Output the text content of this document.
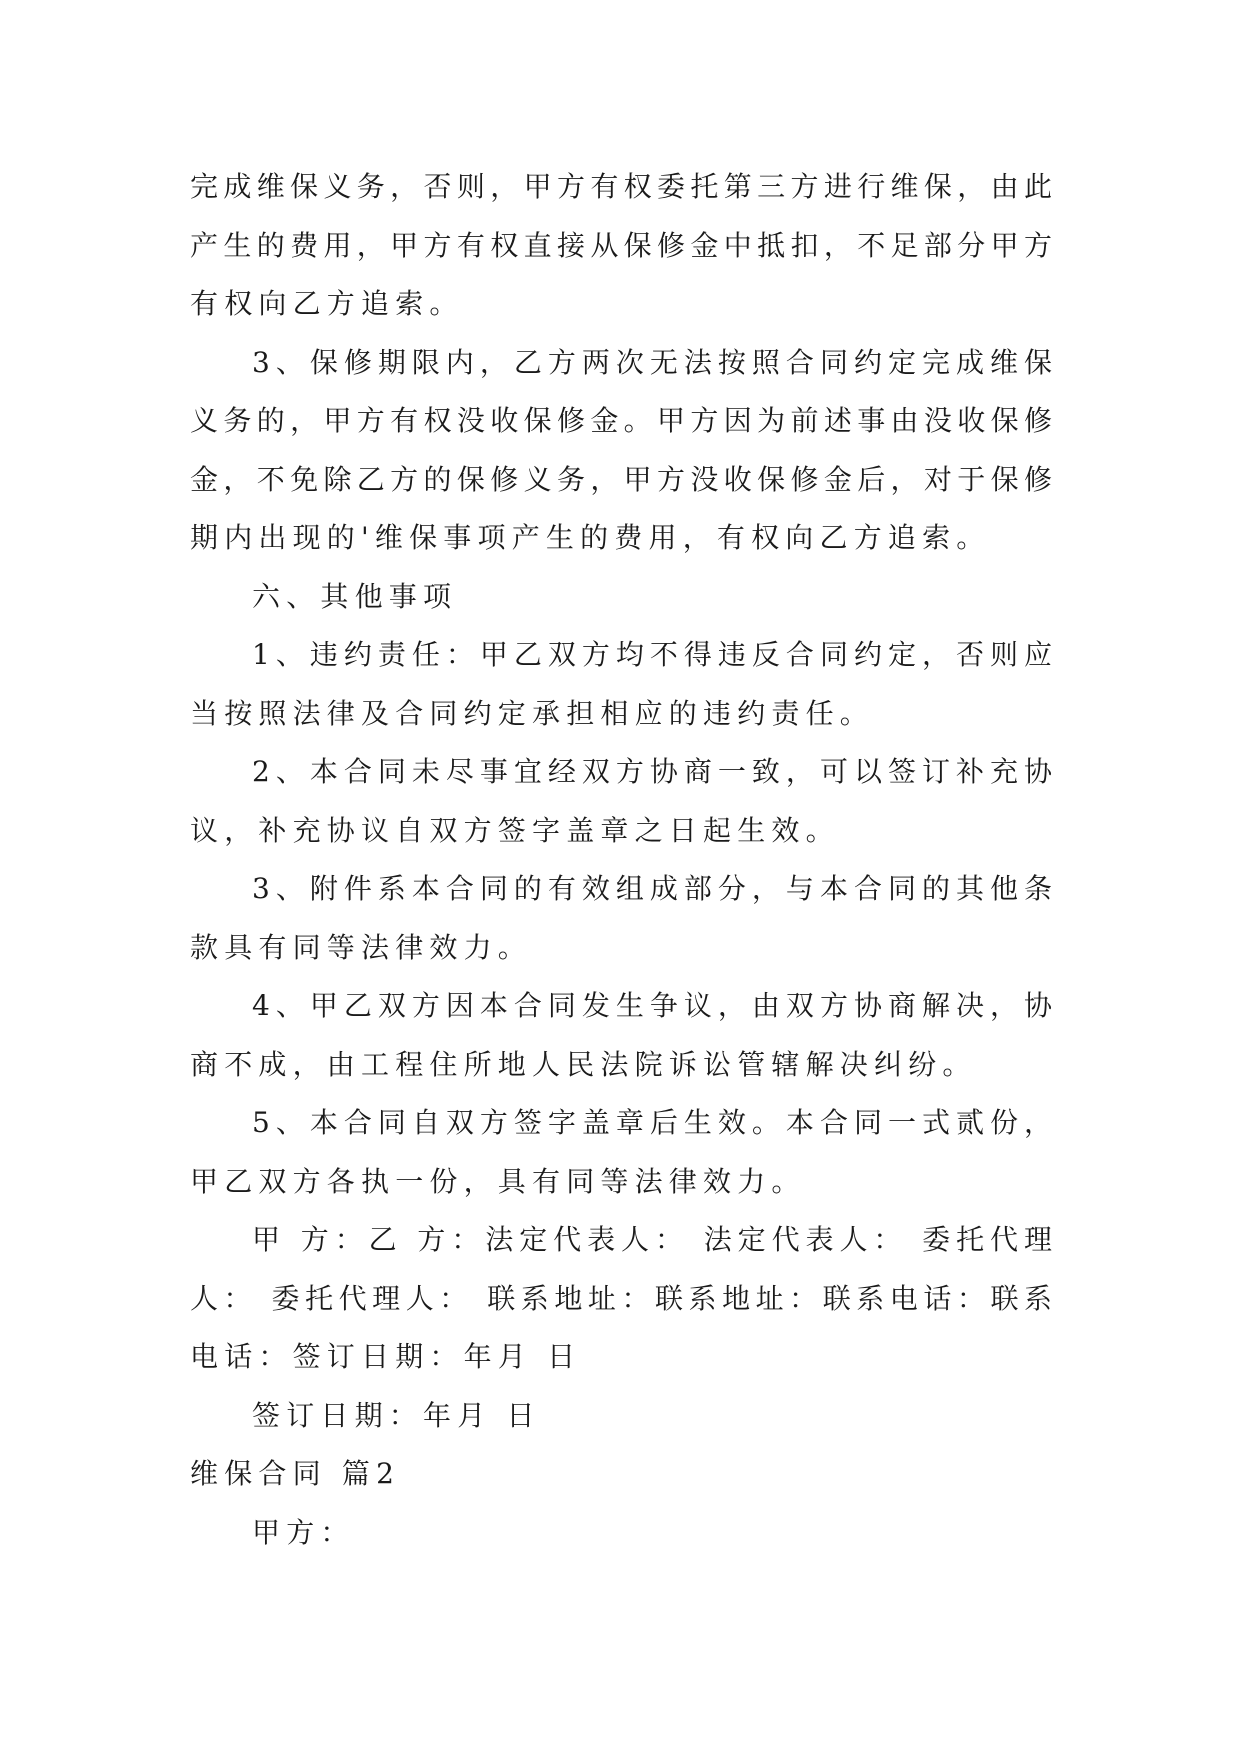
完成维保义务，否则，甲方有权委托第三方进行维保，由此
产生的费用，甲方有权直接从保修金中抵扣，不足部分甲方
有权向乙方追索。
3、保修期限内，乙方两次无法按照合同约定完成维保
义务的，甲方有权没收保修金。甲方因为前述事由没收保修
金，不免除乙方的保修义务，甲方没收保修金后，对于保修
期内出现的'维保事项产生的费用，有权向乙方追索。
六、其他事项
1、违约责任：甲乙双方均不得违反合同约定，否则应
当按照法律及合同约定承担相应的违约责任。
2、本合同未尽事宜经双方协商一致，可以签订补充协
议，补充协议自双方签字盖章之日起生效。
3、附件系本合同的有效组成部分，与本合同的其他条
款具有同等法律效力。
4、甲乙双方因本合同发生争议，由双方协商解决，协
商不成，由工程住所地人民法院诉讼管辖解决纠纷。
5、本合同自双方签字盖章后生效。本合同一式贰份，
甲乙双方各执一份，具有同等法律效力。
甲 方：乙 方：法定代表人： 法定代表人： 委托代理
人： 委托代理人： 联系地址：联系地址：联系电话：联系
电话：签订日期：年月 日
签订日期：年月 日
维保合同 篇2
甲方：
